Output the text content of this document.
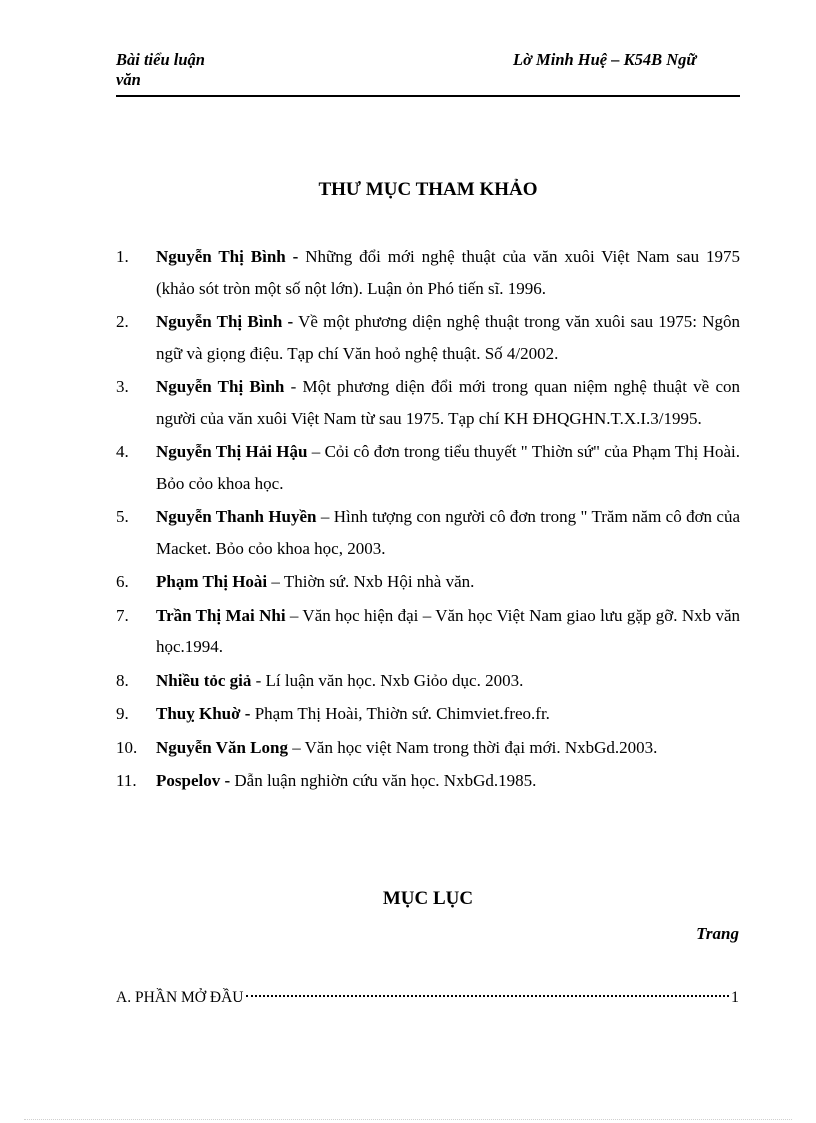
Bài tiểu luận văn
Lờ Minh Huệ – K54B Ngữ
THƯ MỤC THAM KHẢO
1. Nguyễn Thị Bình - Những đổi mới nghệ thuật của văn xuôi Việt Nam sau 1975 (khảo sót tròn một số nột lớn). Luận ỏn Phó tiến sĩ. 1996.
2. Nguyễn Thị Bình - Về một phương diện nghệ thuật trong văn xuôi sau 1975: Ngôn ngữ và giọng điệu. Tạp chí Văn hoỏ nghệ thuật. Số 4/2002.
3. Nguyễn Thị Bình - Một phương diện đổi mới trong quan niệm nghệ thuật về con người của văn xuôi Việt Nam từ sau 1975. Tạp chí KH ĐHQGHN.T.X.I.3/1995.
4. Nguyễn Thị Hải Hậu – Cỏi cô đơn trong tiểu thuyết " Thiờn sứ" của Phạm Thị Hoài. Bỏo cỏo khoa học.
5. Nguyễn Thanh Huyền – Hình tượng con người cô đơn trong " Trăm năm cô đơn của Macket. Bỏo cỏo khoa học, 2003.
6. Phạm Thị Hoài – Thiờn sứ. Nxb Hội nhà văn.
7. Trần Thị Mai Nhi – Văn học hiện đại – Văn học Việt Nam giao lưu gặp gỡ. Nxb văn học.1994.
8. Nhiều tỏc giả - Lí luận văn học. Nxb Giỏo dục. 2003.
9. Thuỵ Khuờ - Phạm Thị Hoài, Thiờn sứ. Chimviet.freo.fr.
10. Nguyễn Văn Long – Văn học việt Nam trong thời đại mới. NxbGd.2003.
11. Pospelov - Dẫn luận nghiờn cứu văn học. NxbGd.1985.
MỤC LỤC
Trang
A. PHẦN MỞ ĐẦU	1
